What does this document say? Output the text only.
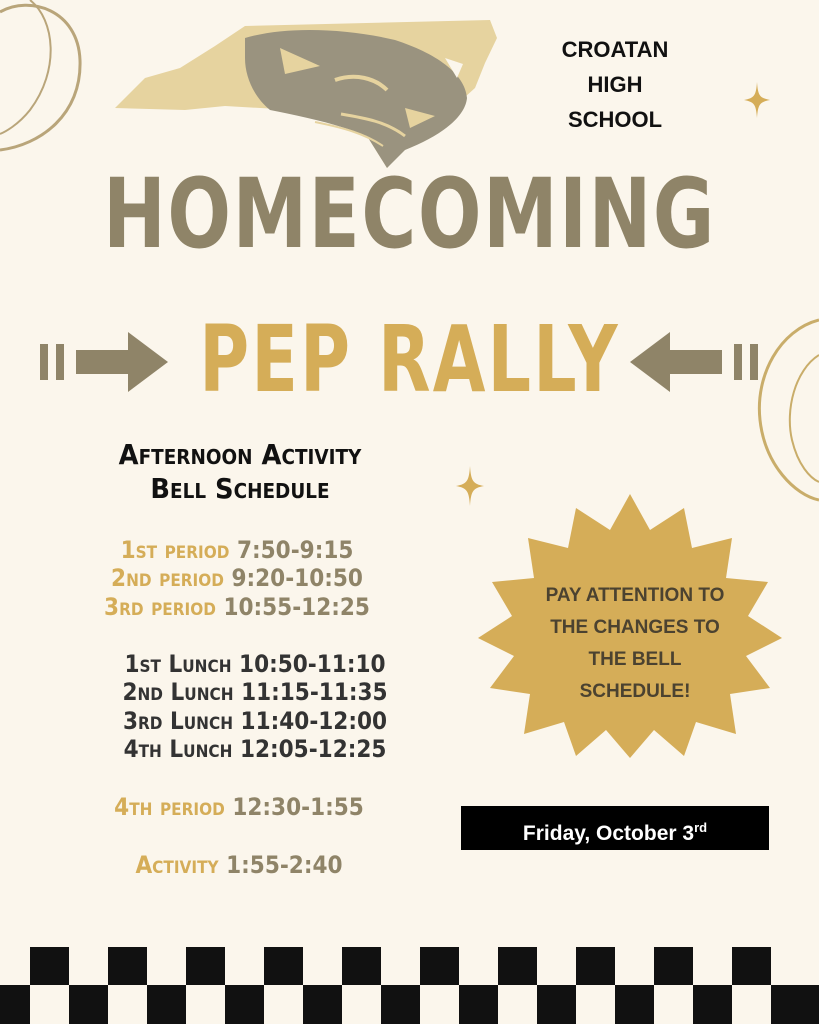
CROATAN
HIGH
SCHOOL
HOMECOMING
PEP RALLY
Afternoon Activity
Bell Schedule
1st period 7:50-9:15
2nd period 9:20-10:50
3rd period 10:55-12:25
1st Lunch 10:50-11:10
2nd Lunch 11:15-11:35
3rd Lunch 11:40-12:00
4th Lunch 12:05-12:25
4th period 12:30-1:55
Activity 1:55-2:40
PAY ATTENTION TO
THE CHANGES TO
THE BELL
SCHEDULE!
Friday, October 3rd
